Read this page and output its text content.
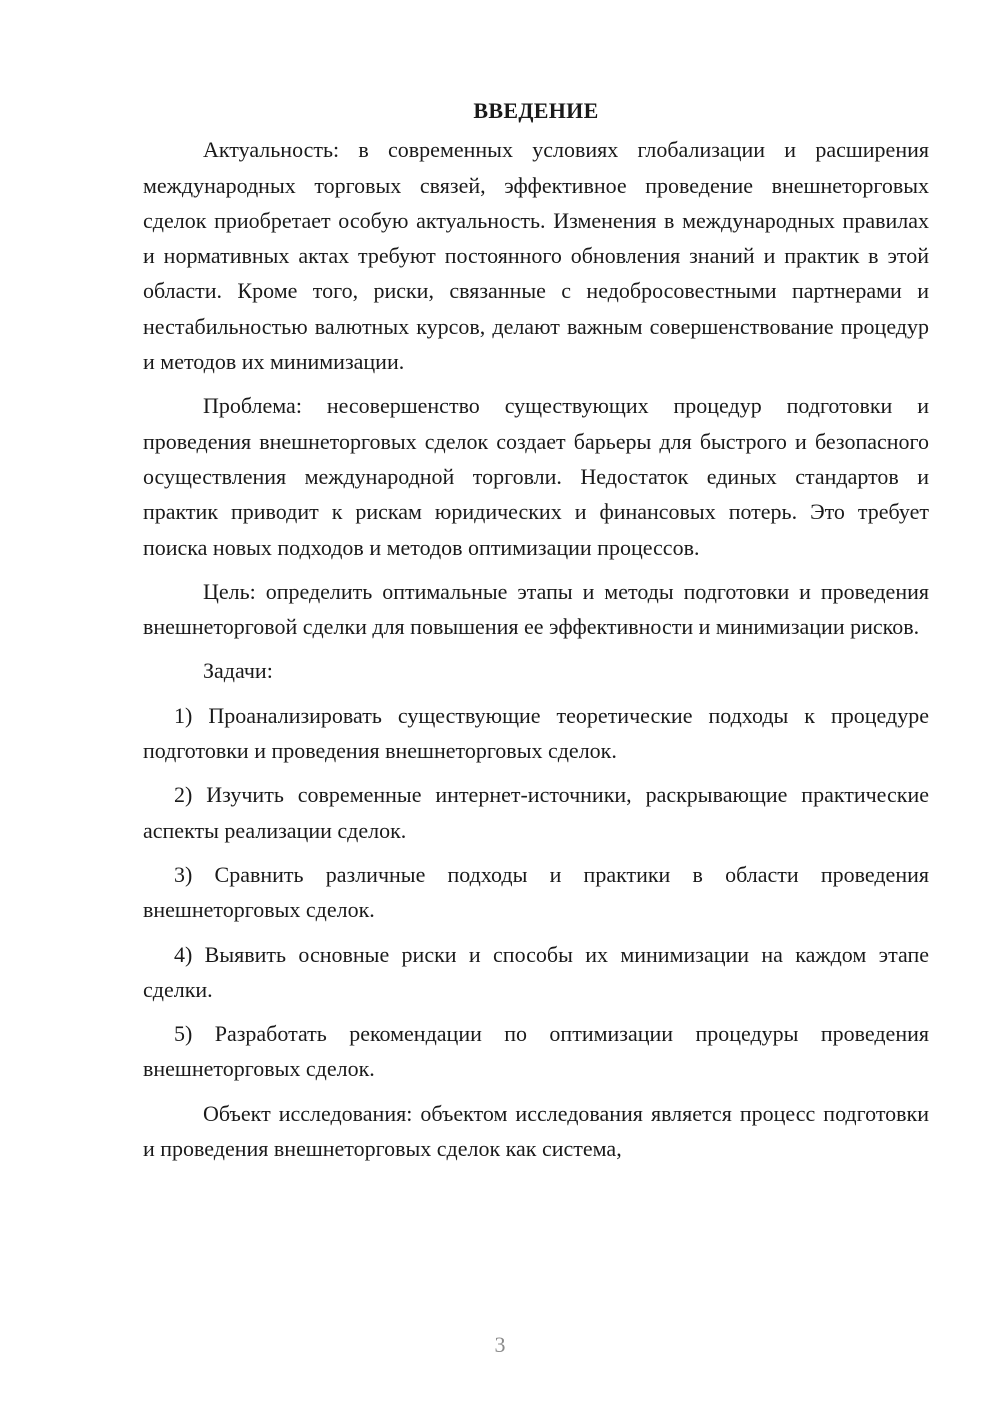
ВВЕДЕНИЕ

Актуальность: в современных условиях глобализации и расширения международных торговых связей, эффективное проведение внешнеторговых сделок приобретает особую актуальность. Изменения в международных правилах и нормативных актах требуют постоянного обновления знаний и практик в этой области. Кроме того, риски, связанные с недобросовестными партнерами и нестабильностью валютных курсов, делают важным совершенствование процедур и методов их минимизации.

Проблема: несовершенство существующих процедур подготовки и проведения внешнеторговых сделок создает барьеры для быстрого и безопасного осуществления международной торговли. Недостаток единых стандартов и практик приводит к рискам юридических и финансовых потерь. Это требует поиска новых подходов и методов оптимизации процессов.

Цель: определить оптимальные этапы и методы подготовки и проведения внешнеторговой сделки для повышения ее эффективности и минимизации рисков.

Задачи:

1) Проанализировать существующие теоретические подходы к процедуре подготовки и проведения внешнеторговых сделок.

2) Изучить современные интернет-источники, раскрывающие практические аспекты реализации сделок.

3) Сравнить различные подходы и практики в области проведения внешнеторговых сделок.

4) Выявить основные риски и способы их минимизации на каждом этапе сделки.

5) Разработать рекомендации по оптимизации процедуры проведения внешнеторговых сделок.

Объект исследования: объектом исследования является процесс подготовки и проведения внешнеторговых сделок как система,

3
